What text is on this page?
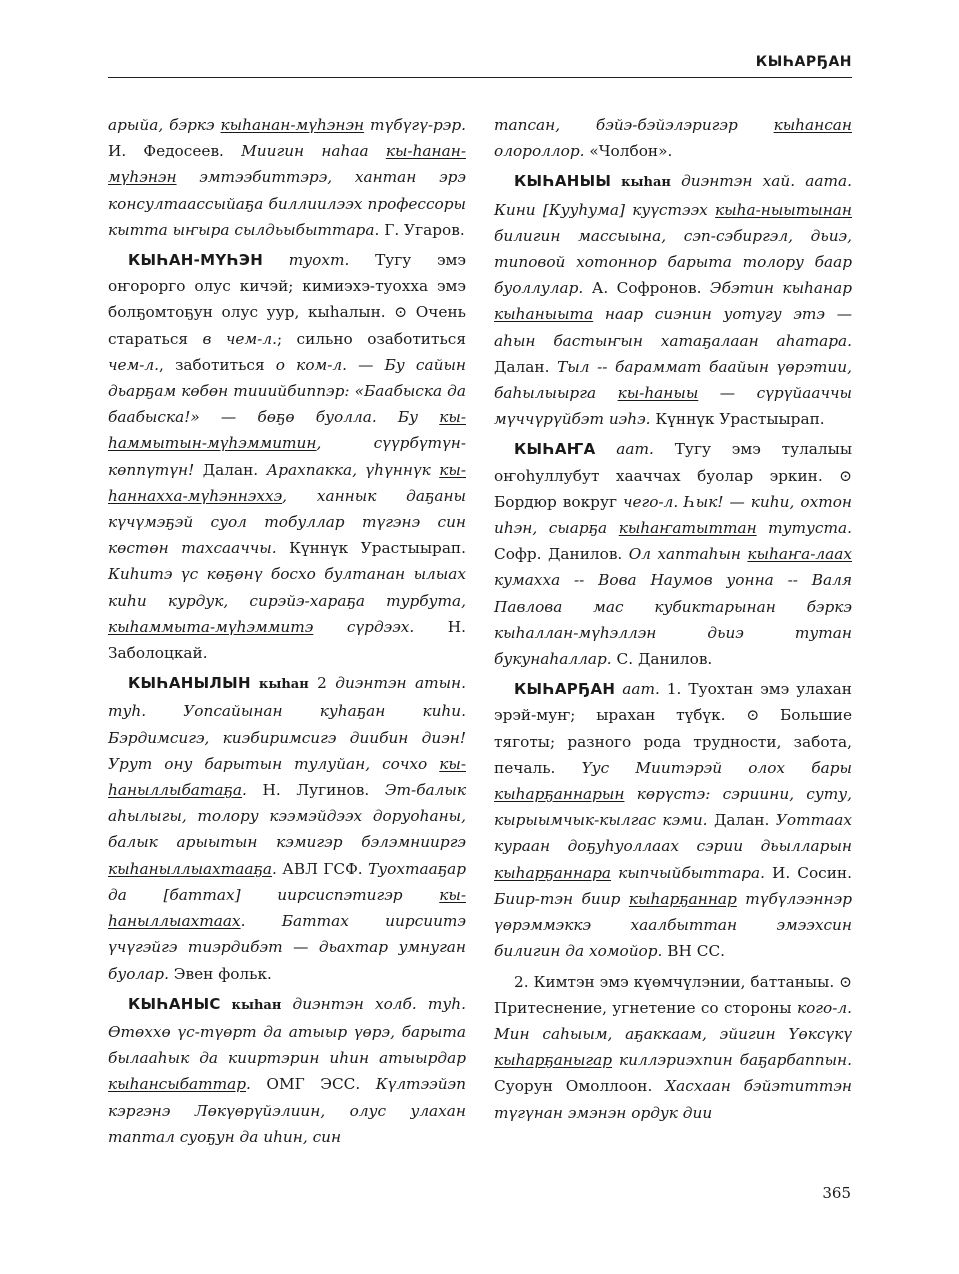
КЫҺАРҔАН

арыйа, бэркэ кыһанан-мүһэнэн түбүгү-рэр. И. Федосеев. Миигин наһаа кы-һанан-мүһэнэн эмтээбиттэрэ, хантан эрэ консултаассыйаҕа биллиилээх профессоры кытта ыҥыра сылдьыбыттара. Г. Угаров.

КЫҺАН-МҮҺЭН туохт. Тугу эмэ оҥорорго олус кичэй; кимиэхэ-туохха эмэ болҕомтоҕун олус уур, кыһалын. ⊙ Очень стараться в чем-л.; сильно озаботиться чем-л., заботиться о ком-л. — Бу сайын дьарҕам көбөн тииийбиппэр: «Баабыска да баабыска!» — бөҕө буолла. Бу кы-һаммытын-мүһэммитин, сүүрбүтүн-көппүтүн! Далан. Арахпакка, үһүннүк кы-һаннахха-мүһэннэххэ, ханнык даҕаны күчүмэҕэй суол тобуллар түгэнэ син көстөн тахсааччы. Күннүк Урастыырап. Киһитэ үс көҕөнү босхо бултанан ылыах киһи курдук, сирэйэ-хараҕа турбута, кыһаммыта-мүһэммитэ сүрдээх. Н. Заболоцкай.

КЫҺАНЫЛЫН кыһан 2 диэнтэн атын. туһ. Уопсайынан куһаҕан киһи. Бэрдимсигэ, киэбиримсигэ диибин диэн! Урут ону барытын тулуйан, сочхо кы-һаныллыбатаҕа. Н. Лугинов. Эт-балык аһылыгы, толору кээмэйдээх доруоһаны, балык арыытын кэмигэр бэлэмнииргэ кыһаныллыахтааҕа. АВЛ ГСФ. Туохтааҕар да [баттах] иирсиспэтигэр кы-һаныллыахтаах. Баттах иирсиитэ үчүгэйгэ тиэрдибэт — дьахтар умнуган буолар. Эвен фольк.

КЫҺАНЫС кыһан диэнтэн холб. туһ. Өтөххө үс-түөрт да атыыр үөрэ, барыта былааһык да кииртэрин иһин атыырдар кыһансыбаттар. ОМГ ЭСС. Күлтээйэп кэргэнэ Лөкүөрүйэлиин, олус улахан таптал суоҕун да иһин, син

тапсан, бэйэ-бэйэлэригэр кыһансан олороллор. «Чолбон».

КЫҺАНЫЫ кыһан диэнтэн хай. аата. Кини [Кууһума] куүстээх кыһа-ныытынан билигин массыына, сэп-сэбиргэл, дьиэ, типовой хотоннор барыта толору баар буоллулар. А. Софронов. Эбэтин кыһанар кыһаныыта наар сиэнин уотугу этэ — аһын бастыҥын хатаҕалаан аһатара. Далан. Тыл -- бараммат баайын үөрэтии, баһылыырга кы-һаныы — сүрүйааччы мүччүрүйбэт иэһэ. Күннүк Урастыырап.

КЫҺАҤА аат. Тугу эмэ тулалыы оҥоһуллубут хааччах буолар эркин. ⊙ Бордюр вокруг чего-л. Һык! — киһи, охтон иһэн, сыарҕа кыһаҥатыттан тутуста. Софр. Данилов. Ол хаптаһын кыһаҥа-лаах кумахха -- Вова Наумов уонна -- Валя Павлова мас кубиктарынан бэркэ кыһаллан-мүһэллэн дьиэ тутан букунаһаллар. С. Данилов.

КЫҺАРҔАН аат. 1. Туохтан эмэ улахан эрэй-муҥ; ырахан түбүк. ⊙ Большие тяготы; разного рода трудности, забота, печаль. Үус Миитэрэй олох бары кыһарҕаннарын көрүстэ: сэриини, суту, кырыымчык-кылгас кэми. Далан. Уоттаах кураан доҕуһуоллаах сэрии дьылларын кыһарҕаннара кыпчыйбыттара. И. Сосин. Биир-тэн биир кыһарҕаннар түбүлээннэр үөрэммэккэ хаалбыттан эмээхсин билигин да хомойор. ВН СС.

2. Кимтэн эмэ күөмчүлэнии, баттаныы. ⊙ Притеснение, угнетение со стороны кого-л. Мин саһыым, аҕаккаам, эйигин Үөксүкү кыһарҕаныгар киллэриэхпин баҕарбаппын. Суорун Омоллоон. Хасхаан бэйэтиттэн түгүнан эмэнэн ордук дии

365
